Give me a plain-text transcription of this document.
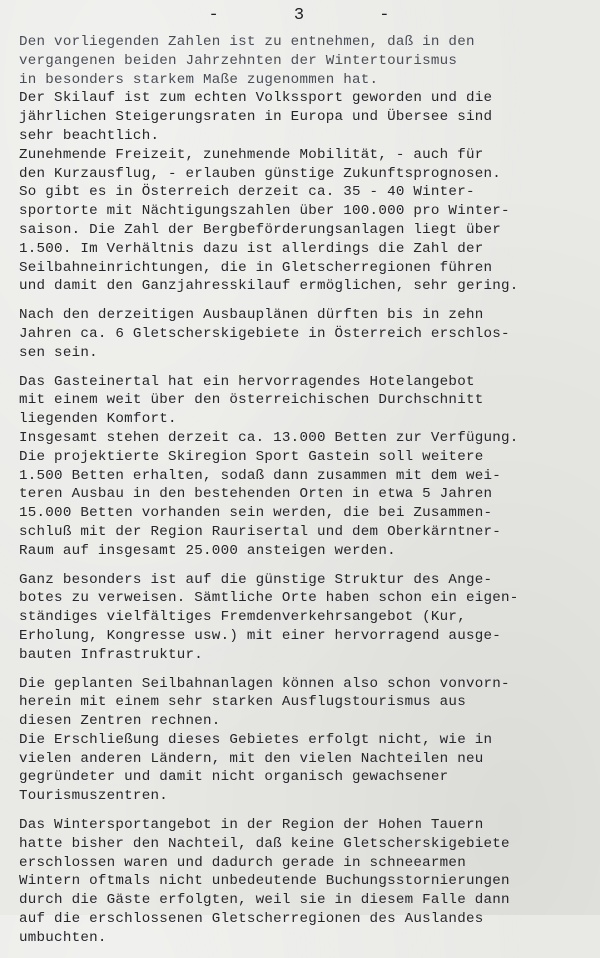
-      3      -
Den vorliegenden Zahlen ist zu entnehmen, daß in den
vergangenen beiden Jahrzehnten der Wintertourismus
in besonders starkem Maße zugenommen hat.
Der Skilauf ist zum echten Volkssport geworden und die
jährlichen Steigerungsraten in Europa und Übersee sind
sehr beachtlich.
Zunehmende Freizeit, zunehmende Mobilität, - auch für
den Kurzausflug, - erlauben günstige Zukunftsprognosen.
So gibt es in Österreich derzeit ca. 35 - 40 Winter-
sportorte mit Nächtigungszahlen über 100.000 pro Winter-
saison. Die Zahl der Bergbeförderungsanlagen liegt über
1.500. Im Verhältnis dazu ist allerdings die Zahl der
Seilbahneinrichtungen, die in Gletscherregionen führen
und damit den Ganzjahresskilauf ermöglichen, sehr gering.
Nach den derzeitigen Ausbauplänen dürften bis in zehn
Jahren ca. 6 Gletscherskigebiete in Österreich erschlos-
sen sein.
Das Gasteinertal hat ein hervorragendes Hotelangebot
mit einem weit über den österreichischen Durchschnitt
liegenden Komfort.
Insgesamt stehen derzeit ca. 13.000 Betten zur Verfügung.
Die projektierte Skiregion Sport Gastein soll weitere
1.500 Betten erhalten, sodaß dann zusammen mit dem wei-
teren Ausbau in den bestehenden Orten in etwa 5 Jahren
15.000 Betten vorhanden sein werden, die bei Zusammen-
schluß mit der Region Raurisertal und dem Oberkärntner-
Raum auf insgesamt 25.000 ansteigen werden.
Ganz besonders ist auf die günstige Struktur des Ange-
botes zu verweisen. Sämtliche Orte haben schon ein eigen-
ständiges vielfältiges Fremdenverkehrsangebot (Kur,
Erholung, Kongresse usw.) mit einer hervorragend ausge-
bauten Infrastruktur.
Die geplanten Seilbahnanlagen können also schon vonvorn-
herein mit einem sehr starken Ausflugstourismus aus
diesen Zentren rechnen.
Die Erschließung dieses Gebietes erfolgt nicht, wie in
vielen anderen Ländern, mit den vielen Nachteilen neu
gegründeter und damit nicht organisch gewachsener
Tourismuszentren.
Das Wintersportangebot in der Region der Hohen Tauern
hatte bisher den Nachteil, daß keine Gletscherskigebiete
erschlossen waren und dadurch gerade in schneearmen
Wintern oftmals nicht unbedeutende Buchungsstornierungen
durch die Gäste erfolgten, weil sie in diesem Falle dann
auf die erschlossenen Gletscherregionen des Auslandes
umbuchten.
